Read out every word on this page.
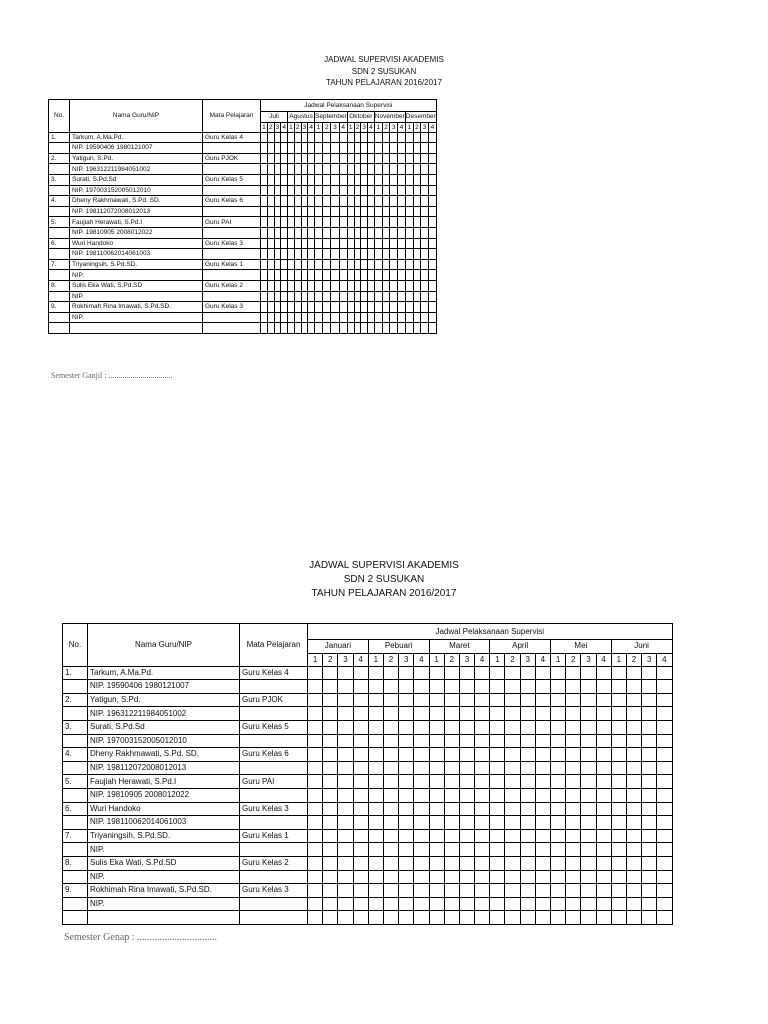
JADWAL SUPERVISI AKADEMIS
SDN 2 SUSUKAN
TAHUN PELAJARAN 2016/2017
No.	Nama Guru/NIP	Mata Pelajaran	Jadwal Pelaksanaan Supervisi																							
			Juli				Agustus				September				Oktober				November				Desember			
			1	2	3	4	1	2	3	4	1	2	3	4	1	2	3	4	1	2	3	4	1	2	3	4
1.	Tarkum, A.Ma.Pd.	Guru Kelas 4																								
	NIP. 19590406 1980121007																									
2.	Yatigun, S.Pd.	Guru PJOK																								
	NIP. 196312211984051002																									
3.	Surati, S.Pd.Sd	Guru Kelas 5																								
	NIP. 197003152005012010																									
4.	Dheny Rakhmawati, S.Pd. SD.	Guru Kelas 6																								
	NIP. 198112072008012013																									
5.	Faujiah Herawati, S.Pd.I	Guru PAI																								
	NIP. 19810905 2008012022																									
6.	Wuri Handoko	Guru Kelas 3																								
	NIP. 198110062014061003																									
7.	Triyaningsih, S.Pd.SD.	Guru Kelas 1																								
	NIP.																									
8.	Sulis Eka Wati, S.Pd.SD	Guru Kelas 2																								
	NIP.																									
9.	Rokhimah Rina Imawati, S.Pd.SD.	Guru Kelas 3																								
	NIP.																									

Semester Ganjil : ................................
JADWAL SUPERVISI AKADEMIS
SDN 2 SUSUKAN
TAHUN PELAJARAN 2016/2017
No.	Nama Guru/NIP	Mata Pelajaran	Jadwal Pelaksanaan Supervisi																							
			Januari				Pebuari				Maret				April				Mei				Juni			
			1	2	3	4	1	2	3	4	1	2	3	4	1	2	3	4	1	2	3	4	1	2	3	4
1.	Tarkum, A.Ma.Pd.	Guru Kelas 4																								
	NIP. 19590406 1980121007																									
2.	Yatigun, S.Pd.	Guru PJOK																								
	NIP. 196312211984051002																									
3.	Surati, S.Pd.Sd	Guru Kelas 5																								
	NIP. 197003152005012010																									
4.	Dheny Rakhmawati, S.Pd. SD.	Guru Kelas 6																								
	NIP. 198112072008012013																									
5.	Faujiah Herawati, S.Pd.I	Guru PAI																								
	NIP. 19810905 2008012022																									
6.	Wuri Handoko	Guru Kelas 3																								
	NIP. 198110062014061003																									
7.	Triyaningsih, S.Pd.SD.	Guru Kelas 1																								
	NIP.																									
8.	Sulis Eka Wati, S.Pd.SD	Guru Kelas 2																								
	NIP.																									
9.	Rokhimah Rina Imawati, S.Pd.SD.	Guru Kelas 3																								
	NIP.																									

Semester Genap : ................................
